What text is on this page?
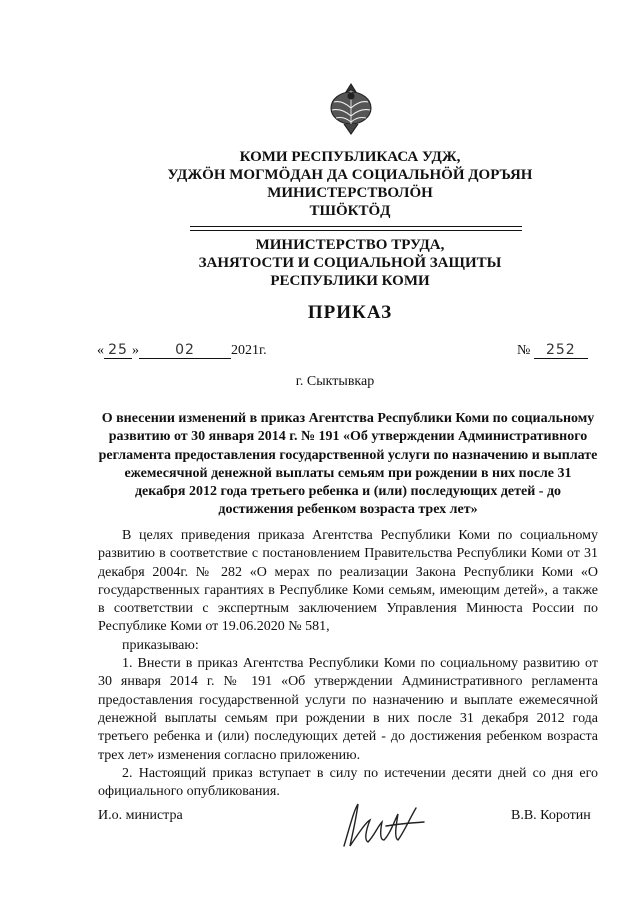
КОМИ РЕСПУБЛИКАСА УДЖ,
УДЖӦН МОГМӦДАН ДА СОЦИАЛЬНӦЙ ДОРЪЯН
МИНИСТЕРСТВОЛӦН
ТШӦКТӦД
МИНИСТЕРСТВО ТРУДА,
ЗАНЯТОСТИ И СОЦИАЛЬНОЙ ЗАЩИТЫ
РЕСПУБЛИКИ КОМИ
ПРИКАЗ
« 25 »	02	2021г.	№ 252
г. Сыктывкар
О внесении изменений в приказ Агентства Республики Коми по социальному развитию от 30 января 2014 г. № 191 «Об утверждении Административного регламента предоставления государственной услуги по назначению и выплате ежемесячной денежной выплаты семьям при рождении в них после 31 декабря 2012 года третьего ребенка и (или) последующих детей - до достижения ребенком возраста трех лет»

В целях приведения приказа Агентства Республики Коми по социальному развитию в соответствие с постановлением Правительства Республики Коми от 31 декабря 2004г. № 282 «О мерах по реализации Закона Республики Коми «О государственных гарантиях в Республике Коми семьям, имеющим детей», а также в соответствии с экспертным заключением Управления Минюста России по Республике Коми от 19.06.2020 № 581,

приказываю:

1. Внести в приказ Агентства Республики Коми по социальному развитию от 30 января 2014 г. № 191 «Об утверждении Административного регламента предоставления государственной услуги по назначению и выплате ежемесячной денежной выплаты семьям при рождении в них после 31 декабря 2012 года третьего ребенка и (или) последующих детей - до достижения ребенком возраста трех лет» изменения согласно приложению.

2. Настоящий приказ вступает в силу по истечении десяти дней со дня его официального опубликования.

И.о. министра	В.В. Коротин
